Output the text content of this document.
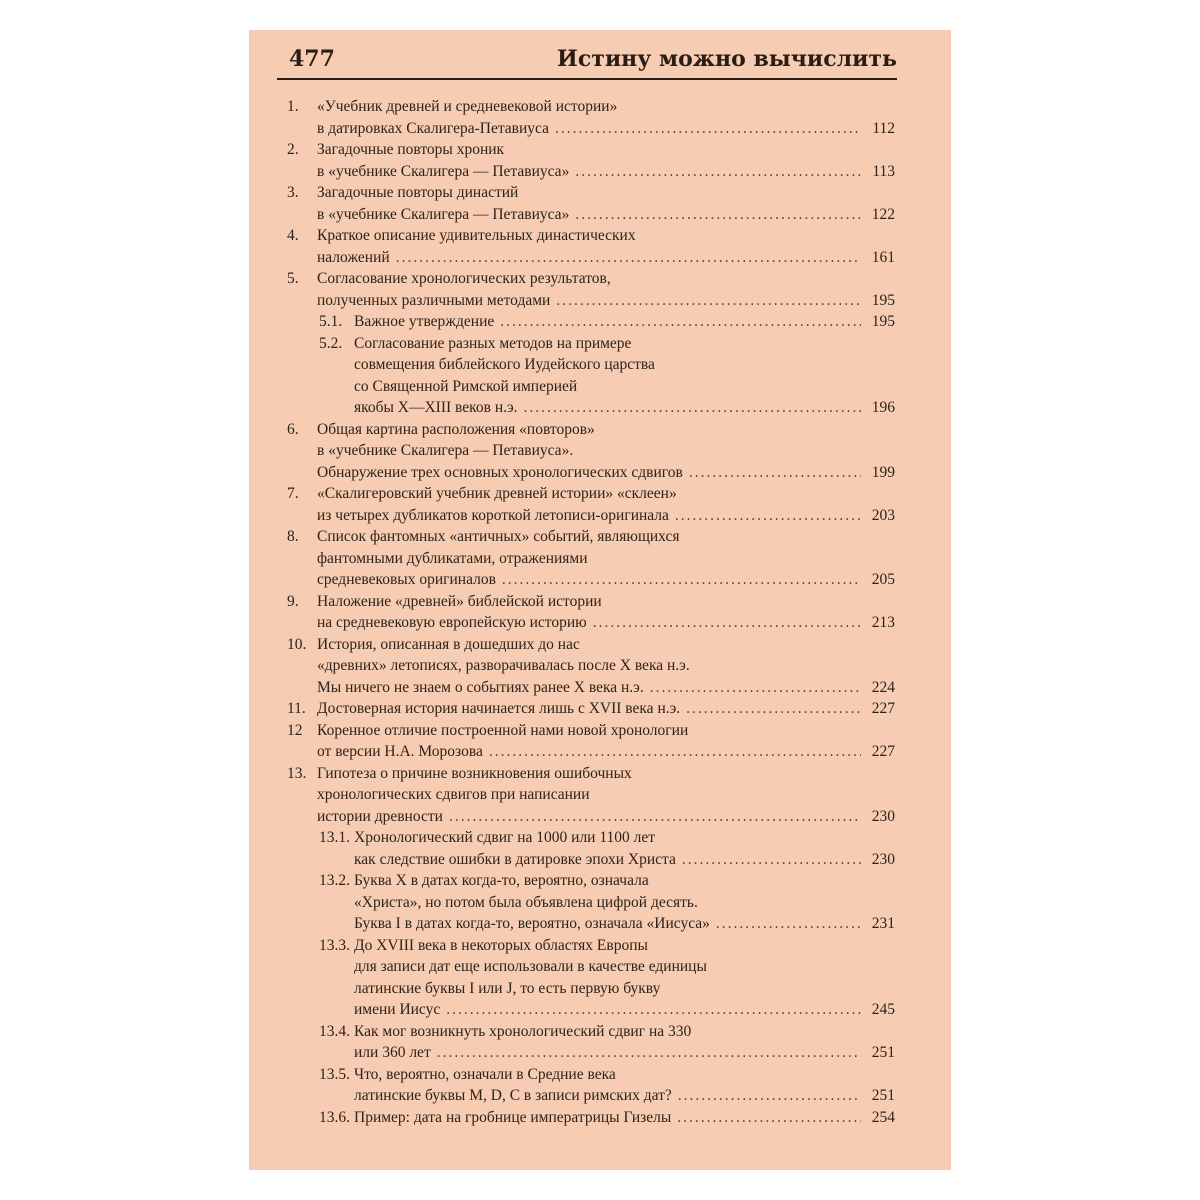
477	Истину можно вычислить
1. «Учебник древней и средневековой истории»
в датировках Скалигера-Петавиуса .....	112
2. Загадочные повторы хроник
в «учебнике Скалигера — Петавиуса» .....	113
3. Загадочные повторы династий
в «учебнике Скалигера — Петавиуса» .....	122
4. Краткое описание удивительных династических
наложений .....	161
5. Согласование хронологических результатов,
полученных различными методами .....	195
5.1. Важное утверждение .....	195
5.2. Согласование разных методов на примере
совмещения библейского Иудейского царства
со Священной Римской империей
якобы X—XIII веков н.э. .....	196
6. Общая картина расположения «повторов»
в «учебнике Скалигера — Петавиуса».
Обнаружение трех основных хронологических сдвигов .....	199
7. «Скалигеровский учебник древней истории» «склеен»
из четырех дубликатов короткой летописи-оригинала .....	203
8. Список фантомных «античных» событий, являющихся
фантомными дубликатами, отражениями
средневековых оригиналов .....	205
9. Наложение «древней» библейской истории
на средневековую европейскую историю .....	213
10. История, описанная в дошедших до нас
«древних» летописях, разворачивалась после X века н.э.
Мы ничего не знаем о событиях ранее X века н.э. .....	224
11. Достоверная история начинается лишь с XVII века н.э. .....	227
12 Коренное отличие построенной нами новой хронологии
от версии Н.А. Морозова .....	227
13. Гипотеза о причине возникновения ошибочных
хронологических сдвигов при написании
истории древности .....	230
13.1. Хронологический сдвиг на 1000 или 1100 лет
как следствие ошибки в датировке эпохи Христа .....	230
13.2. Буква X в датах когда-то, вероятно, означала
«Христа», но потом была объявлена цифрой десять.
Буква I в датах когда-то, вероятно, означала «Иисуса» .....	231
13.3. До XVIII века в некоторых областях Европы
для записи дат еще использовали в качестве единицы
латинские буквы I или J, то есть первую букву
имени Иисус .....	245
13.4. Как мог возникнуть хронологический сдвиг на 330
или 360 лет .....	251
13.5. Что, вероятно, означали в Средние века
латинские буквы M, D, C в записи римских дат? .....	251
13.6. Пример: дата на гробнице императрицы Гизелы .....	254
